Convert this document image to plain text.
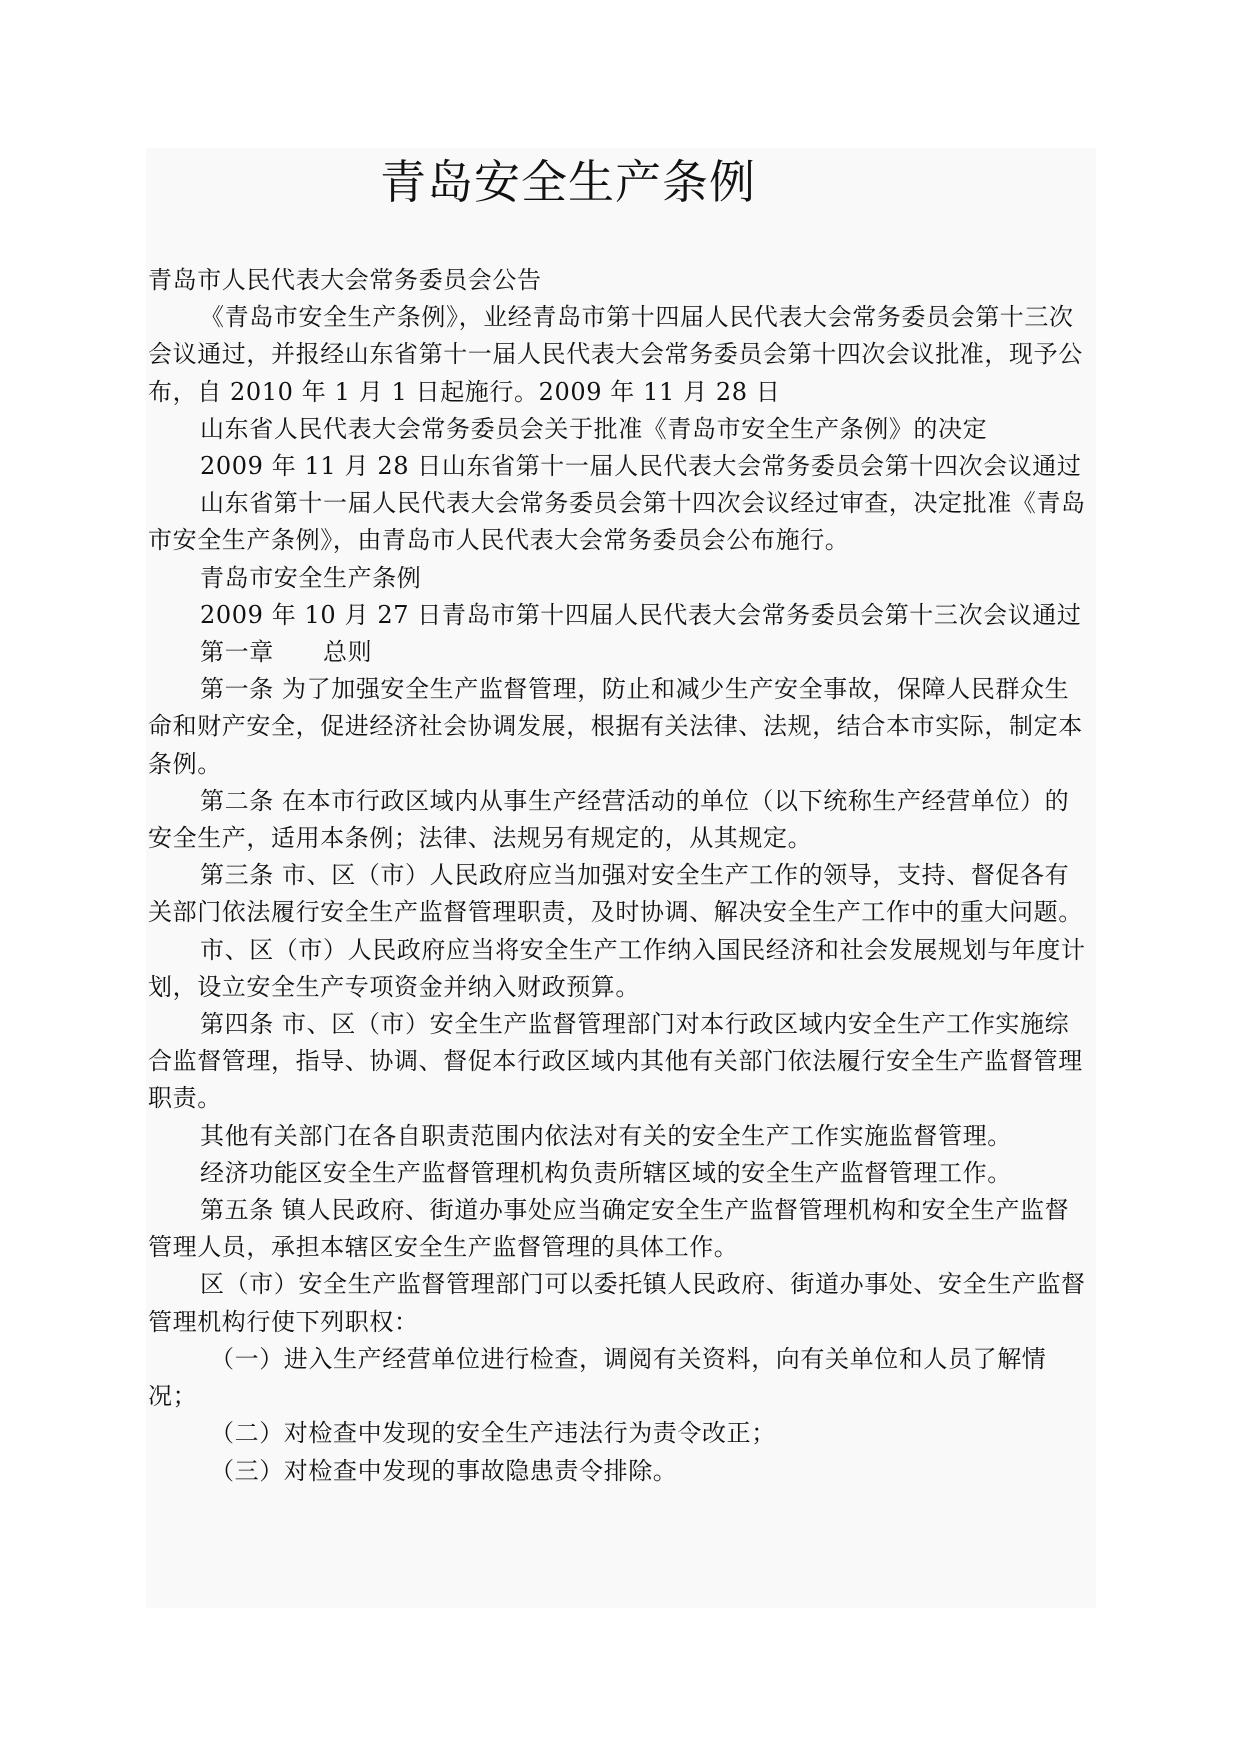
青岛安全生产条例

青岛市人民代表大会常务委员会公告

《青岛市安全生产条例》，业经青岛市第十四届人民代表大会常务委员会第十三次会议通过，并报经山东省第十一届人民代表大会常务委员会第十四次会议批准，现予公布，自 2010 年 1 月 1 日起施行。2009 年 11 月 28 日

山东省人民代表大会常务委员会关于批准《青岛市安全生产条例》的决定

2009 年 11 月 28 日山东省第十一届人民代表大会常务委员会第十四次会议通过

山东省第十一届人民代表大会常务委员会第十四次会议经过审查，决定批准《青岛市安全生产条例》，由青岛市人民代表大会常务委员会公布施行。

青岛市安全生产条例

2009 年 10 月 27 日青岛市第十四届人民代表大会常务委员会第十三次会议通过

第一章　　总则

第一条 为了加强安全生产监督管理，防止和减少生产安全事故，保障人民群众生命和财产安全，促进经济社会协调发展，根据有关法律、法规，结合本市实际，制定本条例。

第二条 在本市行政区域内从事生产经营活动的单位（以下统称生产经营单位）的安全生产，适用本条例；法律、法规另有规定的，从其规定。

第三条 市、区（市）人民政府应当加强对安全生产工作的领导，支持、督促各有关部门依法履行安全生产监督管理职责，及时协调、解决安全生产工作中的重大问题。

市、区（市）人民政府应当将安全生产工作纳入国民经济和社会发展规划与年度计划，设立安全生产专项资金并纳入财政预算。

第四条 市、区（市）安全生产监督管理部门对本行政区域内安全生产工作实施综合监督管理，指导、协调、督促本行政区域内其他有关部门依法履行安全生产监督管理职责。

其他有关部门在各自职责范围内依法对有关的安全生产工作实施监督管理。

经济功能区安全生产监督管理机构负责所辖区域的安全生产监督管理工作。

第五条 镇人民政府、街道办事处应当确定安全生产监督管理机构和安全生产监督管理人员，承担本辖区安全生产监督管理的具体工作。

区（市）安全生产监督管理部门可以委托镇人民政府、街道办事处、安全生产监督管理机构行使下列职权：

（一）进入生产经营单位进行检查，调阅有关资料，向有关单位和人员了解情况；

（二）对检查中发现的安全生产违法行为责令改正；

（三）对检查中发现的事故隐患责令排除。
